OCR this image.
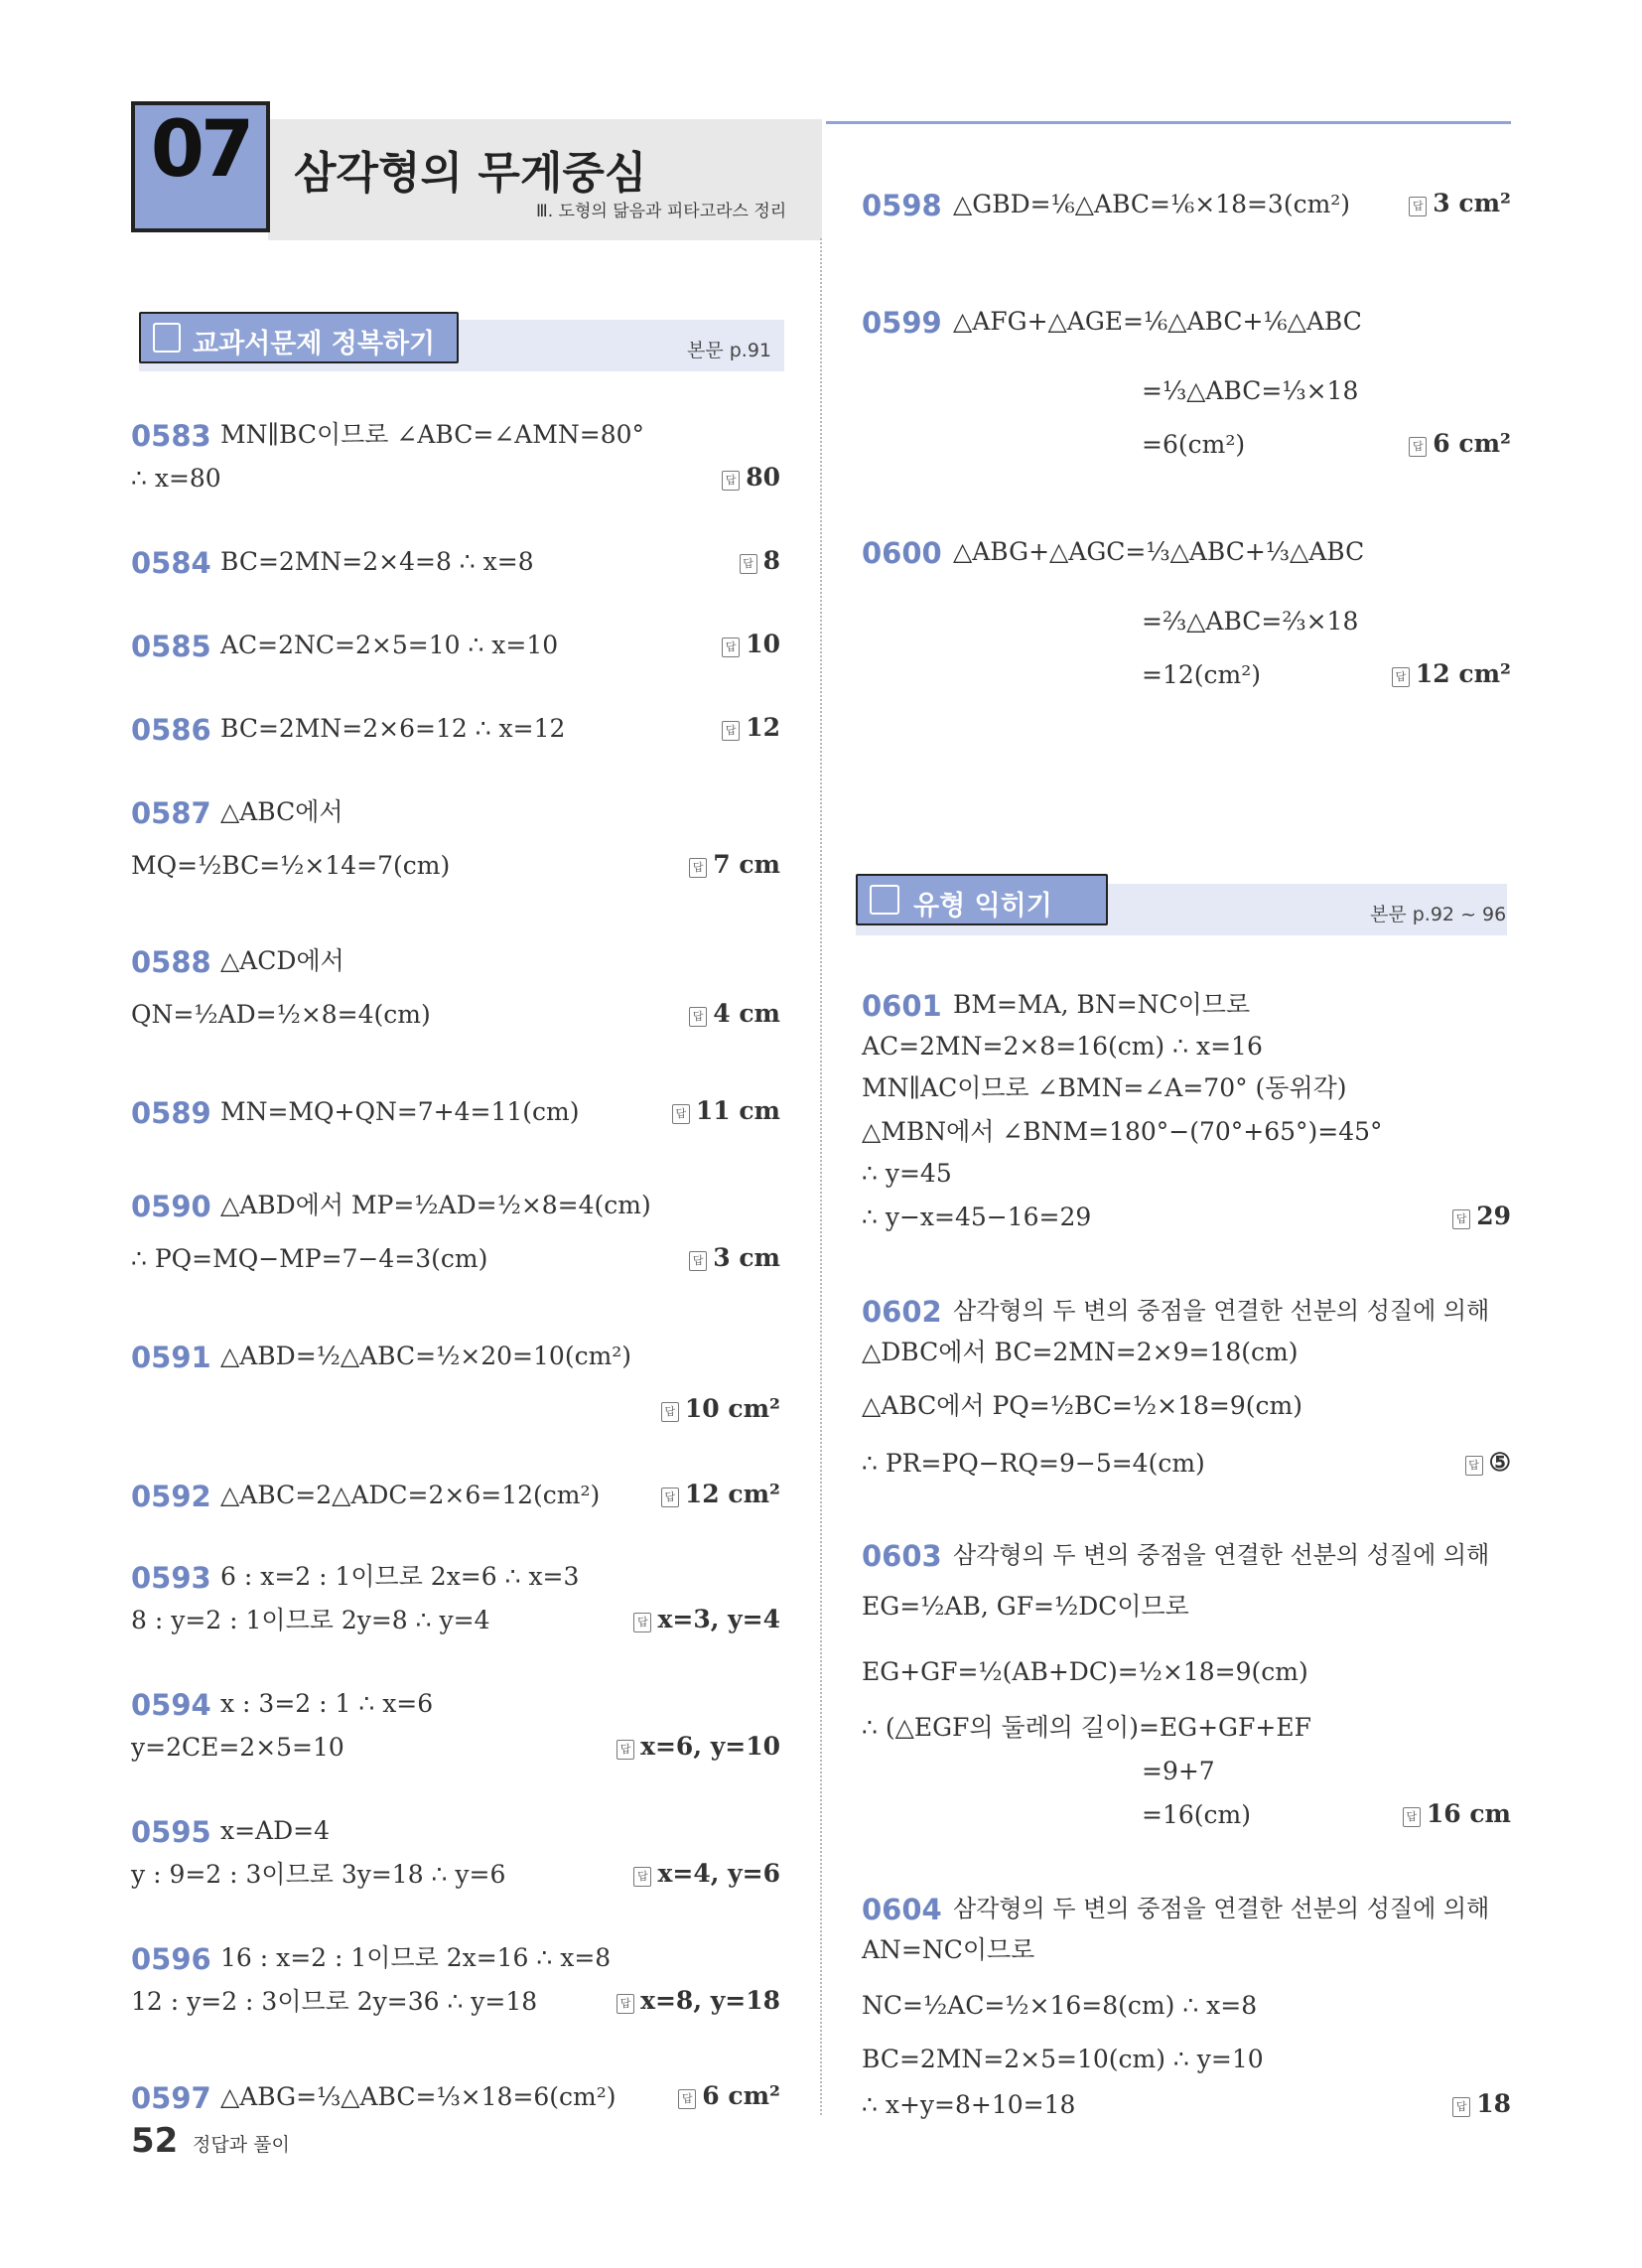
07 삼각형의 무게중심
Ⅲ. 도형의 닮음과 피타고라스 정리
교과서문제 정복하기	본문 p.91
유형 익히기	본문 p.92 ~ 96
0583 MN∥BC이므로 ∠ABC=∠AMN=80°
∴ x=80	답 80
0584 BC=2MN=2×4=8 ∴ x=8	답 8
0585 AC=2NC=2×5=10 ∴ x=10	답 10
0586 BC=2MN=2×6=12 ∴ x=12	답 12
0587 △ABC에서
MQ=½BC=½×14=7(cm)	답 7 cm
0588 △ACD에서
QN=½AD=½×8=4(cm)	답 4 cm
0589 MN=MQ+QN=7+4=11(cm)	답 11 cm
0590 △ABD에서 MP=½AD=½×8=4(cm)
∴ PQ=MQ−MP=7−4=3(cm)	답 3 cm
0591 △ABD=½△ABC=½×20=10(cm²)
답 10 cm²
0592 △ABC=2△ADC=2×6=12(cm²)	답 12 cm²
0593 6 : x=2 : 1이므로 2x=6 ∴ x=3
8 : y=2 : 1이므로 2y=8 ∴ y=4	답 x=3, y=4
0594 x : 3=2 : 1 ∴ x=6
y=2CE=2×5=10	답 x=6, y=10
0595 x=AD=4
y : 9=2 : 3이므로 3y=18 ∴ y=6	답 x=4, y=6
0596 16 : x=2 : 1이므로 2x=16 ∴ x=8
12 : y=2 : 3이므로 2y=36 ∴ y=18	답 x=8, y=18
0597 △ABG=⅓△ABC=⅓×18=6(cm²)	답 6 cm²
0598 △GBD=⅙△ABC=⅙×18=3(cm²)	답 3 cm²
0599 △AFG+△AGE=⅙△ABC+⅙△ABC
=⅓△ABC=⅓×18
=6(cm²)	답 6 cm²
0600 △ABG+△AGC=⅓△ABC+⅓△ABC
=⅔△ABC=⅔×18
=12(cm²)	답 12 cm²
0601 BM=MA, BN=NC이므로
AC=2MN=2×8=16(cm) ∴ x=16
MN∥AC이므로 ∠BMN=∠A=70° (동위각)
△MBN에서 ∠BNM=180°−(70°+65°)=45°
∴ y=45
∴ y−x=45−16=29	답 29
0602 삼각형의 두 변의 중점을 연결한 선분의 성질에 의해
△DBC에서 BC=2MN=2×9=18(cm)
△ABC에서 PQ=½BC=½×18=9(cm)
∴ PR=PQ−RQ=9−5=4(cm)	답 ⑤
0603 삼각형의 두 변의 중점을 연결한 선분의 성질에 의해
EG=½AB, GF=½DC이므로
EG+GF=½(AB+DC)=½×18=9(cm)
∴ (△EGF의 둘레의 길이)=EG+GF+EF
=9+7
=16(cm)	답 16 cm
0604 삼각형의 두 변의 중점을 연결한 선분의 성질에 의해
AN=NC이므로
NC=½AC=½×16=8(cm) ∴ x=8
BC=2MN=2×5=10(cm) ∴ y=10
∴ x+y=8+10=18	답 18
52 정답과 풀이
